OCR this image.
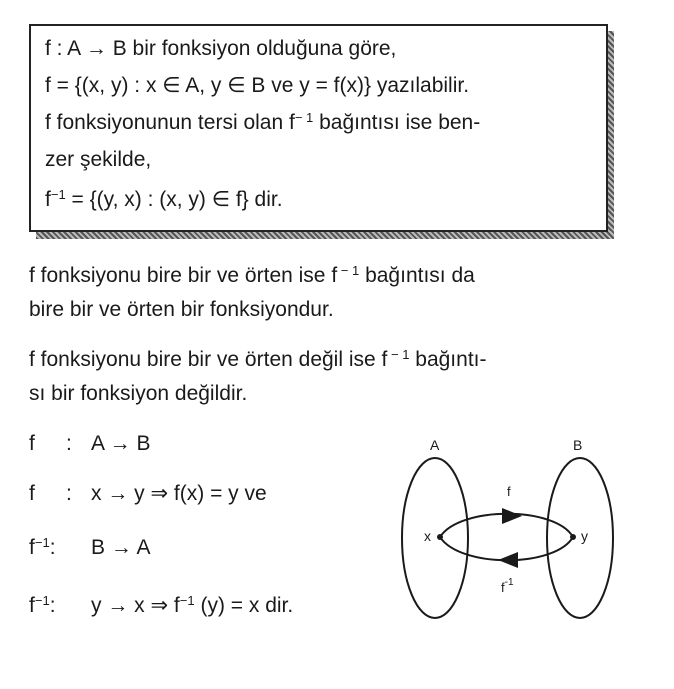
f : A → B bir fonksiyon olduğuna göre,
f = {(x, y) : x ∈ A, y ∈ B ve y = f(x)} yazılabilir.
f fonksiyonunun tersi olan $f^{- 1}$ bağıntısı ise ben-
zer şekilde,
$f^{-1} = \{(y$, x) : (x, y) ∈ f} dir.
f fonksiyonu bire bir ve örten ise f $^{- 1}$ bağıntısı da
bire bir ve örten bir fonksiyondur.
f fonksiyonu bire bir ve örten değil ise f $^{- 1}$ bağıntı-
sı bir fonksiyon değildir.
f : A → B
f : x → y ⇒ f(x) = y ve
$f^{-1}$: B → A
$f^{-1}$: y → x ⇒ $f^{-1}$ (y) = x dir.
A	B
x	y
f
$f^{-1}$
